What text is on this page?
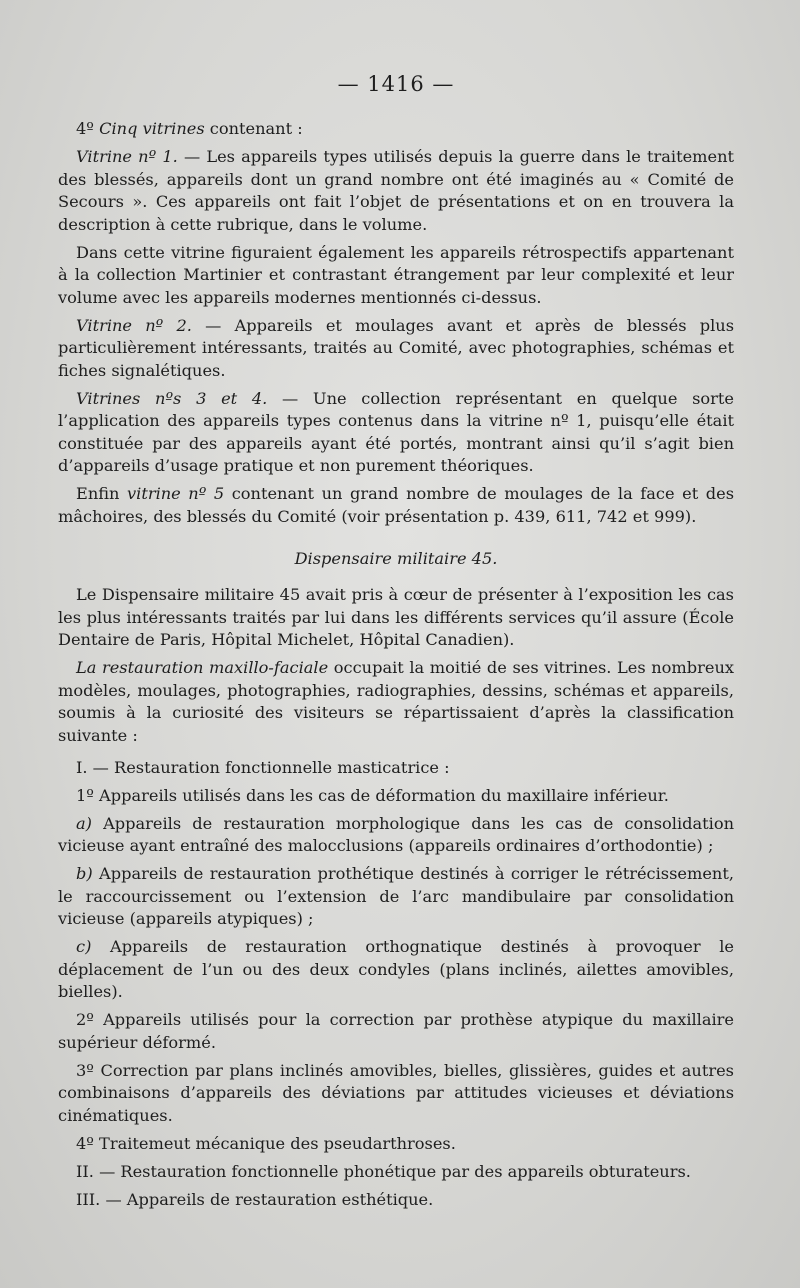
— 1416 —

4º Cinq vitrines contenant :

Vitrine nº 1. — Les appareils types utilisés depuis la guerre dans le traitement des blessés, appareils dont un grand nombre ont été imaginés au « Comité de Secours ». Ces appareils ont fait l’objet de présentations et on en trouvera la description à cette rubrique, dans le volume.

Dans cette vitrine figuraient également les appareils rétrospectifs appartenant à la collection Martinier et contrastant étrangement par leur complexité et leur volume avec les appareils modernes mentionnés ci-dessus.

Vitrine nº 2. — Appareils et moulages avant et après de blessés plus particulièrement intéressants, traités au Comité, avec photographies, schémas et fiches signalétiques.

Vitrines nºs 3 et 4. — Une collection représentant en quelque sorte l’application des appareils types contenus dans la vitrine nº 1, puisqu’elle était constituée par des appareils ayant été portés, montrant ainsi qu’il s’agit bien d’appareils d’usage pratique et non purement théoriques.

Enfin vitrine nº 5 contenant un grand nombre de moulages de la face et des mâchoires, des blessés du Comité (voir présentation p. 439, 611, 742 et 999).

Dispensaire militaire 45.

Le Dispensaire militaire 45 avait pris à cœur de présenter à l’exposition les cas les plus intéressants traités par lui dans les différents services qu’il assure (École Dentaire de Paris, Hôpital Michelet, Hôpital Canadien).

La restauration maxillo-faciale occupait la moitié de ses vitrines. Les nombreux modèles, moulages, photographies, radiographies, dessins, schémas et appareils, soumis à la curiosité des visiteurs se répartissaient d’après la classification suivante :

I. — Restauration fonctionnelle masticatrice :

1º Appareils utilisés dans les cas de déformation du maxillaire inférieur.

a) Appareils de restauration morphologique dans les cas de consolidation vicieuse ayant entraîné des malocclusions (appareils ordinaires d’orthodontie) ;

b) Appareils de restauration prothétique destinés à corriger le rétrécissement, le raccourcissement ou l’extension de l’arc mandibulaire par consolidation vicieuse (appareils atypiques) ;

c) Appareils de restauration orthognatique destinés à provoquer le déplacement de l’un ou des deux condyles (plans inclinés, ailettes amovibles, bielles).

2º Appareils utilisés pour la correction par prothèse atypique du maxillaire supérieur déformé.

3º Correction par plans inclinés amovibles, bielles, glissières, guides et autres combinaisons d’appareils des déviations par attitudes vicieuses et déviations cinématiques.

4º Traitemeut mécanique des pseudarthroses.

II. — Restauration fonctionnelle phonétique par des appareils obturateurs.

III. — Appareils de restauration esthétique.
